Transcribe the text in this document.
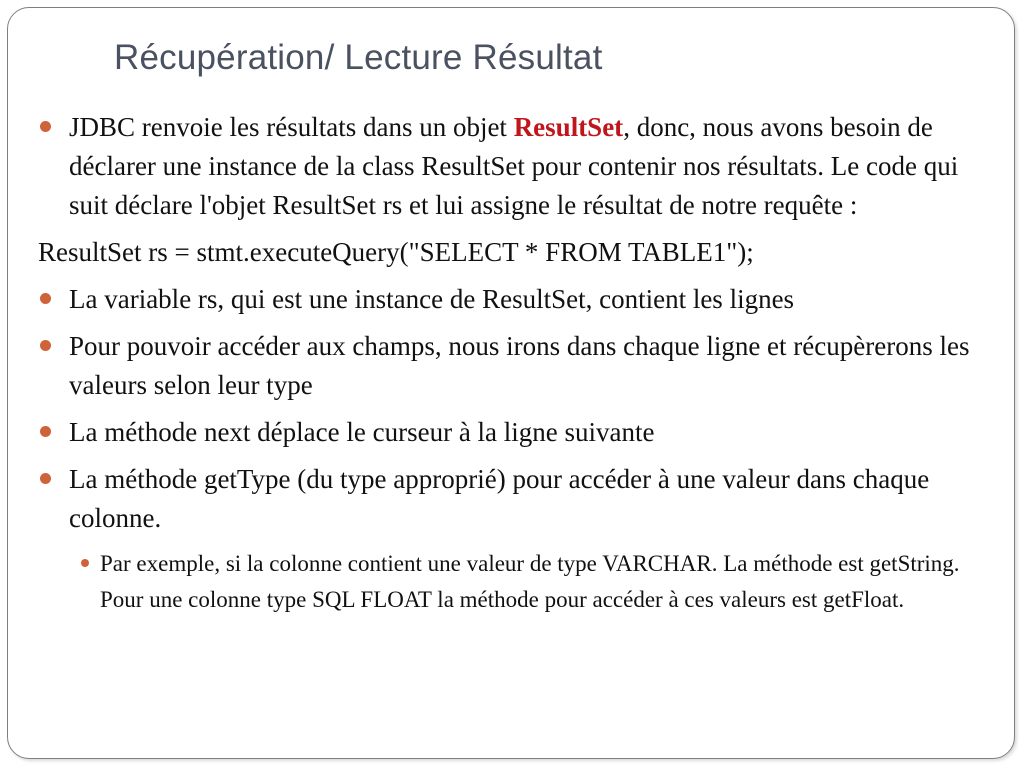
Récupération/ Lecture Résultat
JDBC renvoie les résultats dans un objet ResultSet, donc, nous avons besoin de déclarer une instance de la class ResultSet pour contenir nos résultats. Le code qui suit déclare l'objet ResultSet rs et lui assigne le résultat de notre requête :
ResultSet rs = stmt.executeQuery("SELECT * FROM TABLE1");
La variable rs, qui est une instance de ResultSet, contient les lignes
Pour pouvoir accéder aux champs, nous irons dans chaque ligne et récupèrerons les valeurs selon leur type
La méthode next déplace le curseur à la ligne suivante
La méthode getType (du type approprié) pour accéder à une valeur dans chaque colonne.
Par exemple, si la colonne contient une valeur de type VARCHAR. La méthode est getString. Pour une colonne type SQL FLOAT la méthode pour accéder à ces valeurs est getFloat.
